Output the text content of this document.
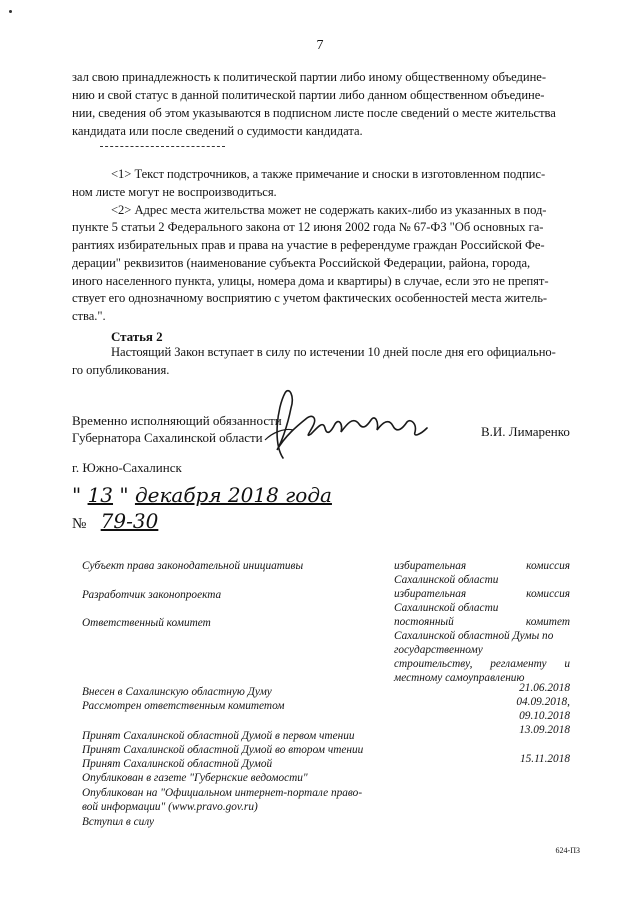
7
зал свою принадлежность к политической партии либо иному общественному объедине-
нию и свой статус в данной политической партии либо данном общественном объедине-
нии, сведения об этом указываются в подписном листе после сведений о месте жительства
кандидата или после сведений о судимости кандидата.
<1> Текст подстрочников, а также примечание и сноски в изготовленном подпис-
ном листе могут не воспроизводиться.
<2> Адрес места жительства может не содержать каких-либо из указанных в под-
пункте 5 статьи 2 Федерального закона от 12 июня 2002 года № 67-ФЗ "Об основных га-
рантиях избирательных прав и права на участие в референдуме граждан Российской Фе-
дерации" реквизитов (наименование субъекта Российской Федерации, района, города,
иного населенного пункта, улицы, номера дома и квартиры) в случае, если это не препят-
ствует его однозначному восприятию с учетом фактических особенностей места житель-
ства.".
Статья 2
Настоящий Закон вступает в силу по истечении 10 дней после дня его официально-
го опубликования.
Временно исполняющий обязанности
Губернатора Сахалинской области	В.И. Лимаренко
г. Южно-Сахалинск
" 13 " декабря 2018 года
№ 79-30
Субъект права законодательной инициативы	избирательная	комиссия
Сахалинской области
Разработчик законопроекта	избирательная	комиссия
Сахалинской области
Ответственный комитет	постоянный	комитет
Сахалинской областной Думы по
государственному
строительству, регламенту и
местному самоуправлению
Внесен в Сахалинскую областную Думу	21.06.2018
Рассмотрен ответственным комитетом	04.09.2018,
09.10.2018
Принят Сахалинской областной Думой в первом чтении	13.09.2018
Принят Сахалинской областной Думой во втором чтении
Принят Сахалинской областной Думой	15.11.2018
Опубликован в газете "Губернские ведомости"
Опубликован на "Официальном интернет-портале право-
вой информации" (www.pravo.gov.ru)
Вступил в силу
624-ПЗ
